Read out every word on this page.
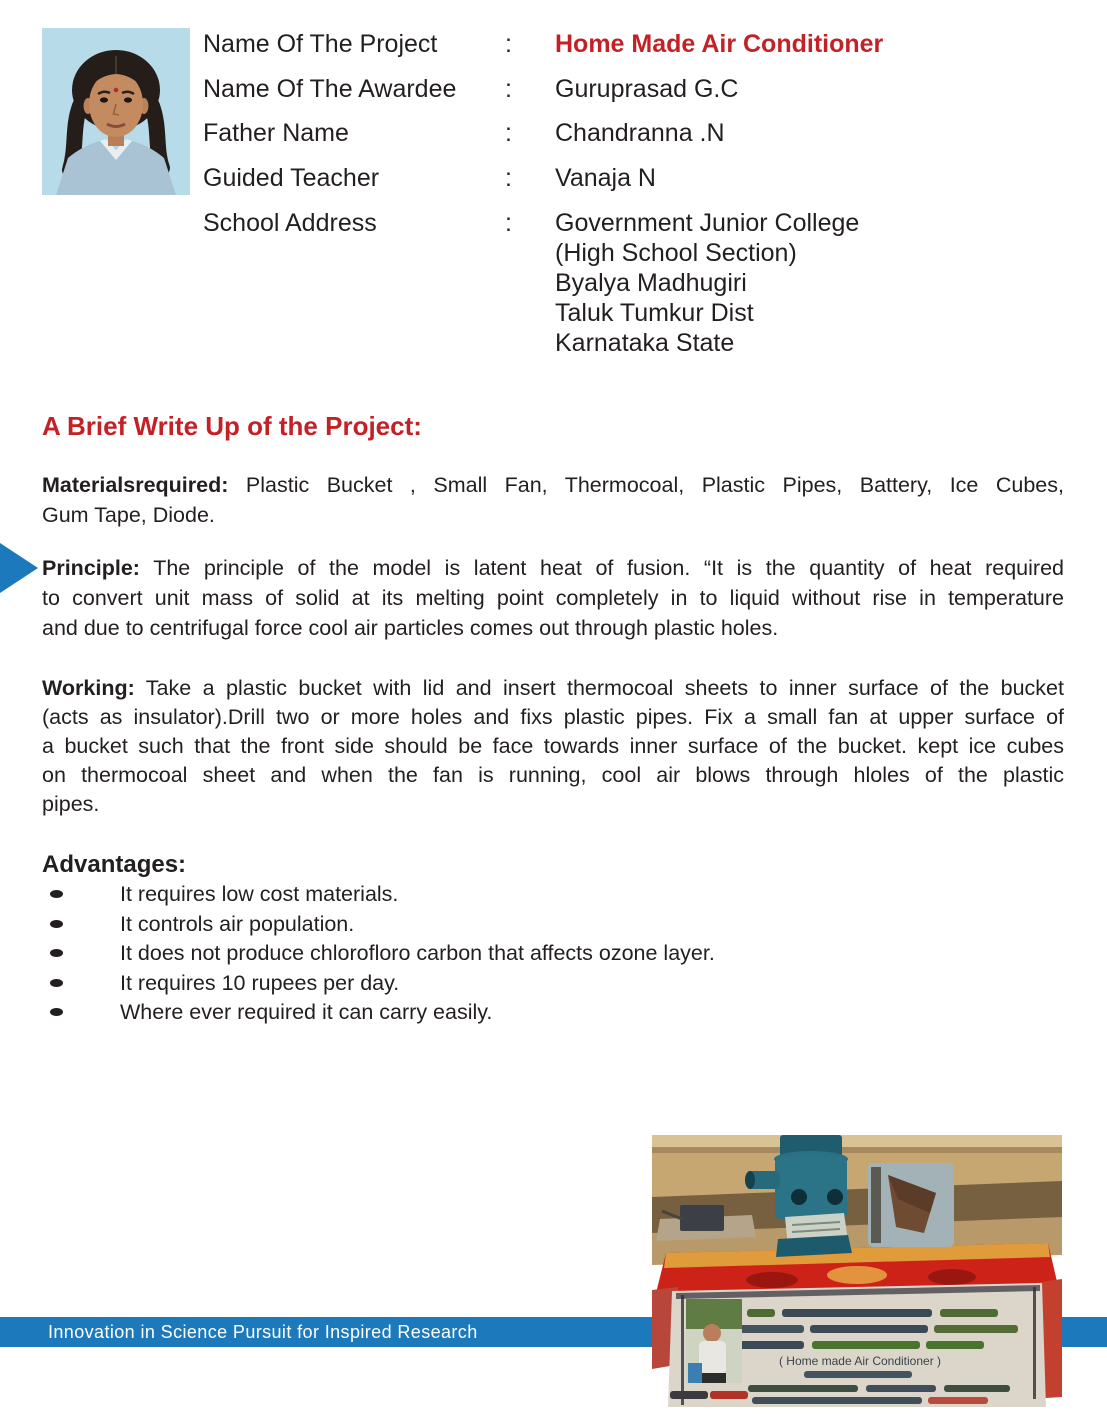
Name Of The Project	: Home Made Air Conditioner
Name Of The Awardee : Guruprasad G.C
Father Name	: Chandranna .N
Guided Teacher	: Vanaja N
School Address	: Government Junior College
(High School Section)
Byalya Madhugiri
Taluk Tumkur Dist
Karnataka State
A Brief Write Up of the Project:
Materialsrequired: Plastic Bucket , Small Fan, Thermocoal, Plastic Pipes, Battery, Ice Cubes,
Gum Tape, Diode.
Principle: The principle of the model is latent heat of fusion. “It is the quantity of heat required
to convert unit mass of solid at its melting point completely in to liquid without rise in temperature
and due to centrifugal force cool air particles comes out through plastic holes.
Working: Take a plastic bucket with lid and insert thermocoal sheets to inner surface of the bucket
(acts as insulator).Drill two or more holes and fixs plastic pipes. Fix a small fan at upper surface of
a bucket such that the front side should be face towards inner surface of the bucket. kept ice cubes
on thermocoal sheet and when the fan is running, cool air blows through hloles of the plastic
pipes.
Advantages:
It requires low cost materials.
It controls air population.
It does not produce chlorofloro carbon that affects ozone layer.
It requires 10 rupees per day.
Where ever required it can carry easily.
Innovation in Science Pursuit for Inspired Research
( Home made Air Conditioner )
